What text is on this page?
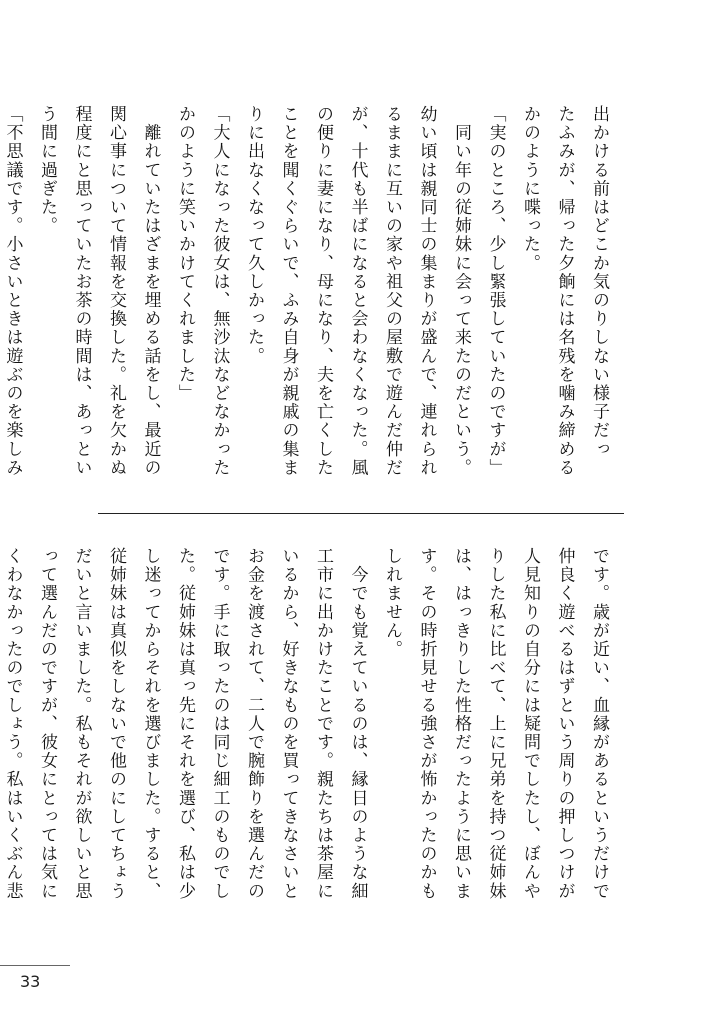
出かける前はどこか気のりしない様子だっ
たふみが、帰った夕餉には名残を噛み締める
かのように喋った。
「実のところ、少し緊張していたのですが」
　同い年の従姉妹に会って来たのだという。
幼い頃は親同士の集まりが盛んで、連れられ
るままに互いの家や祖父の屋敷で遊んだ仲だ
が、十代も半ばになると会わなくなった。風
の便りに妻になり、母になり、夫を亡くした
ことを聞くぐらいで、ふみ自身が親戚の集ま
りに出なくなって久しかった。
「大人になった彼女は、無沙汰などなかった
かのように笑いかけてくれました」
　離れていたはざまを埋める話をし、最近の
関心事について情報を交換した。礼を欠かぬ
程度にと思っていたお茶の時間は、あっとい
う間に過ぎた。
「不思議です。小さいときは遊ぶのを楽しみ
です。歳が近い、血縁があるというだけで
仲良く遊べるはずという周りの押しつけが
人見知りの自分には疑問でしたし、ぼんや
りした私に比べて、上に兄弟を持つ従姉妹
は、はっきりした性格だったように思いま
す。その時折見せる強さが怖かったのかも
しれません。
　今でも覚えているのは、縁日のような細
工市に出かけたことです。親たちは茶屋に
いるから、好きなものを買ってきなさいと
お金を渡されて、二人で腕飾りを選んだの
です。手に取ったのは同じ細工のものでし
た。従姉妹は真っ先にそれを選び、私は少
し迷ってからそれを選びました。すると、
従姉妹は真似をしないで他のにしてちょう
だいと言いました。私もそれが欲しいと思
って選んだのですが、彼女にとっては気に
くわなかったのでしょう。私はいくぶん悲
33
